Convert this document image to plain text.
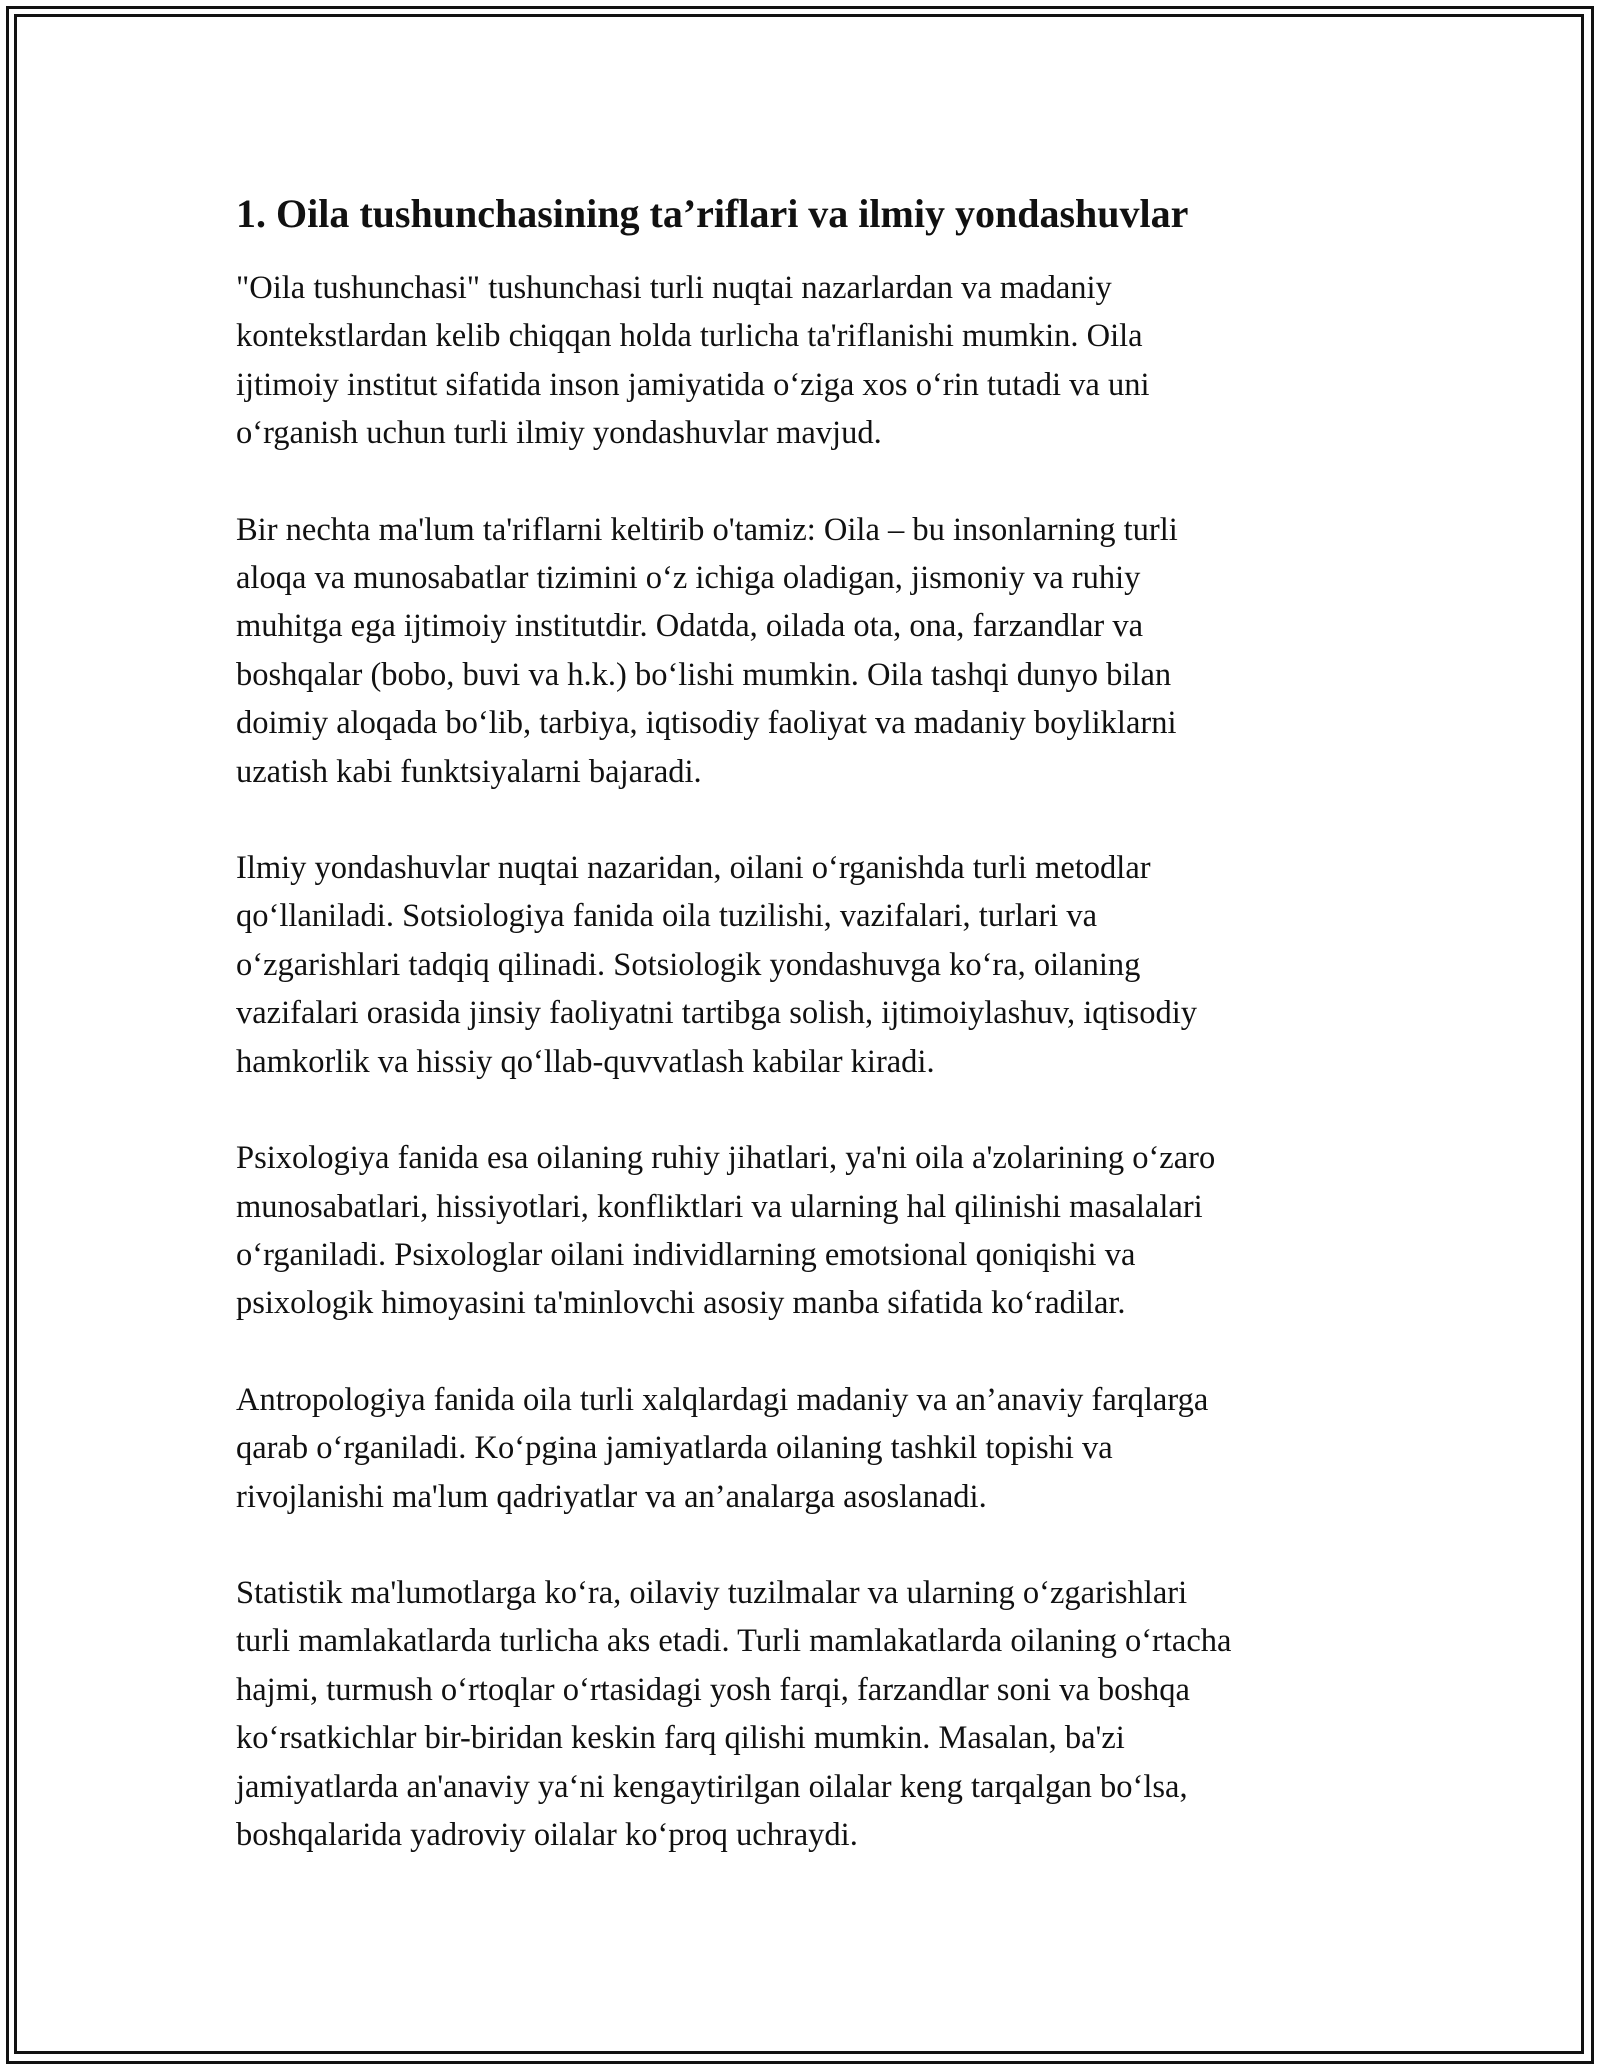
1. Oila tushunchasining ta’riflari va ilmiy yondashuvlar

"Oila tushunchasi" tushunchasi turli nuqtai nazarlardan va madaniy
kontekstlardan kelib chiqqan holda turlicha ta'riflanishi mumkin. Oila
ijtimoiy institut sifatida inson jamiyatida o‘ziga xos o‘rin tutadi va uni
o‘rganish uchun turli ilmiy yondashuvlar mavjud.

Bir nechta ma'lum ta'riflarni keltirib o'tamiz: Oila – bu insonlarning turli
aloqa va munosabatlar tizimini o‘z ichiga oladigan, jismoniy va ruhiy
muhitga ega ijtimoiy institutdir. Odatda, oilada ota, ona, farzandlar va
boshqalar (bobo, buvi va h.k.) bo‘lishi mumkin. Oila tashqi dunyo bilan
doimiy aloqada bo‘lib, tarbiya, iqtisodiy faoliyat va madaniy boyliklarni
uzatish kabi funktsiyalarni bajaradi.

Ilmiy yondashuvlar nuqtai nazaridan, oilani o‘rganishda turli metodlar
qo‘llaniladi. Sotsiologiya fanida oila tuzilishi, vazifalari, turlari va
o‘zgarishlari tadqiq qilinadi. Sotsiologik yondashuvga ko‘ra, oilaning
vazifalari orasida jinsiy faoliyatni tartibga solish, ijtimoiylashuv, iqtisodiy
hamkorlik va hissiy qo‘llab-quvvatlash kabilar kiradi.

Psixologiya fanida esa oilaning ruhiy jihatlari, ya'ni oila a'zolarining o‘zaro
munosabatlari, hissiyotlari, konfliktlari va ularning hal qilinishi masalalari
o‘rganiladi. Psixologlar oilani individlarning emotsional qoniqishi va
psixologik himoyasini ta'minlovchi asosiy manba sifatida ko‘radilar.

Antropologiya fanida oila turli xalqlardagi madaniy va an’anaviy farqlarga
qarab o‘rganiladi. Ko‘pgina jamiyatlarda oilaning tashkil topishi va
rivojlanishi ma'lum qadriyatlar va an’analarga asoslanadi.

Statistik ma'lumotlarga ko‘ra, oilaviy tuzilmalar va ularning o‘zgarishlari
turli mamlakatlarda turlicha aks etadi. Turli mamlakatlarda oilaning o‘rtacha
hajmi, turmush o‘rtoqlar o‘rtasidagi yosh farqi, farzandlar soni va boshqa
ko‘rsatkichlar bir-biridan keskin farq qilishi mumkin. Masalan, ba'zi
jamiyatlarda an'anaviy ya‘ni kengaytirilgan oilalar keng tarqalgan bo‘lsa,
boshqalarida yadroviy oilalar ko‘proq uchraydi.
